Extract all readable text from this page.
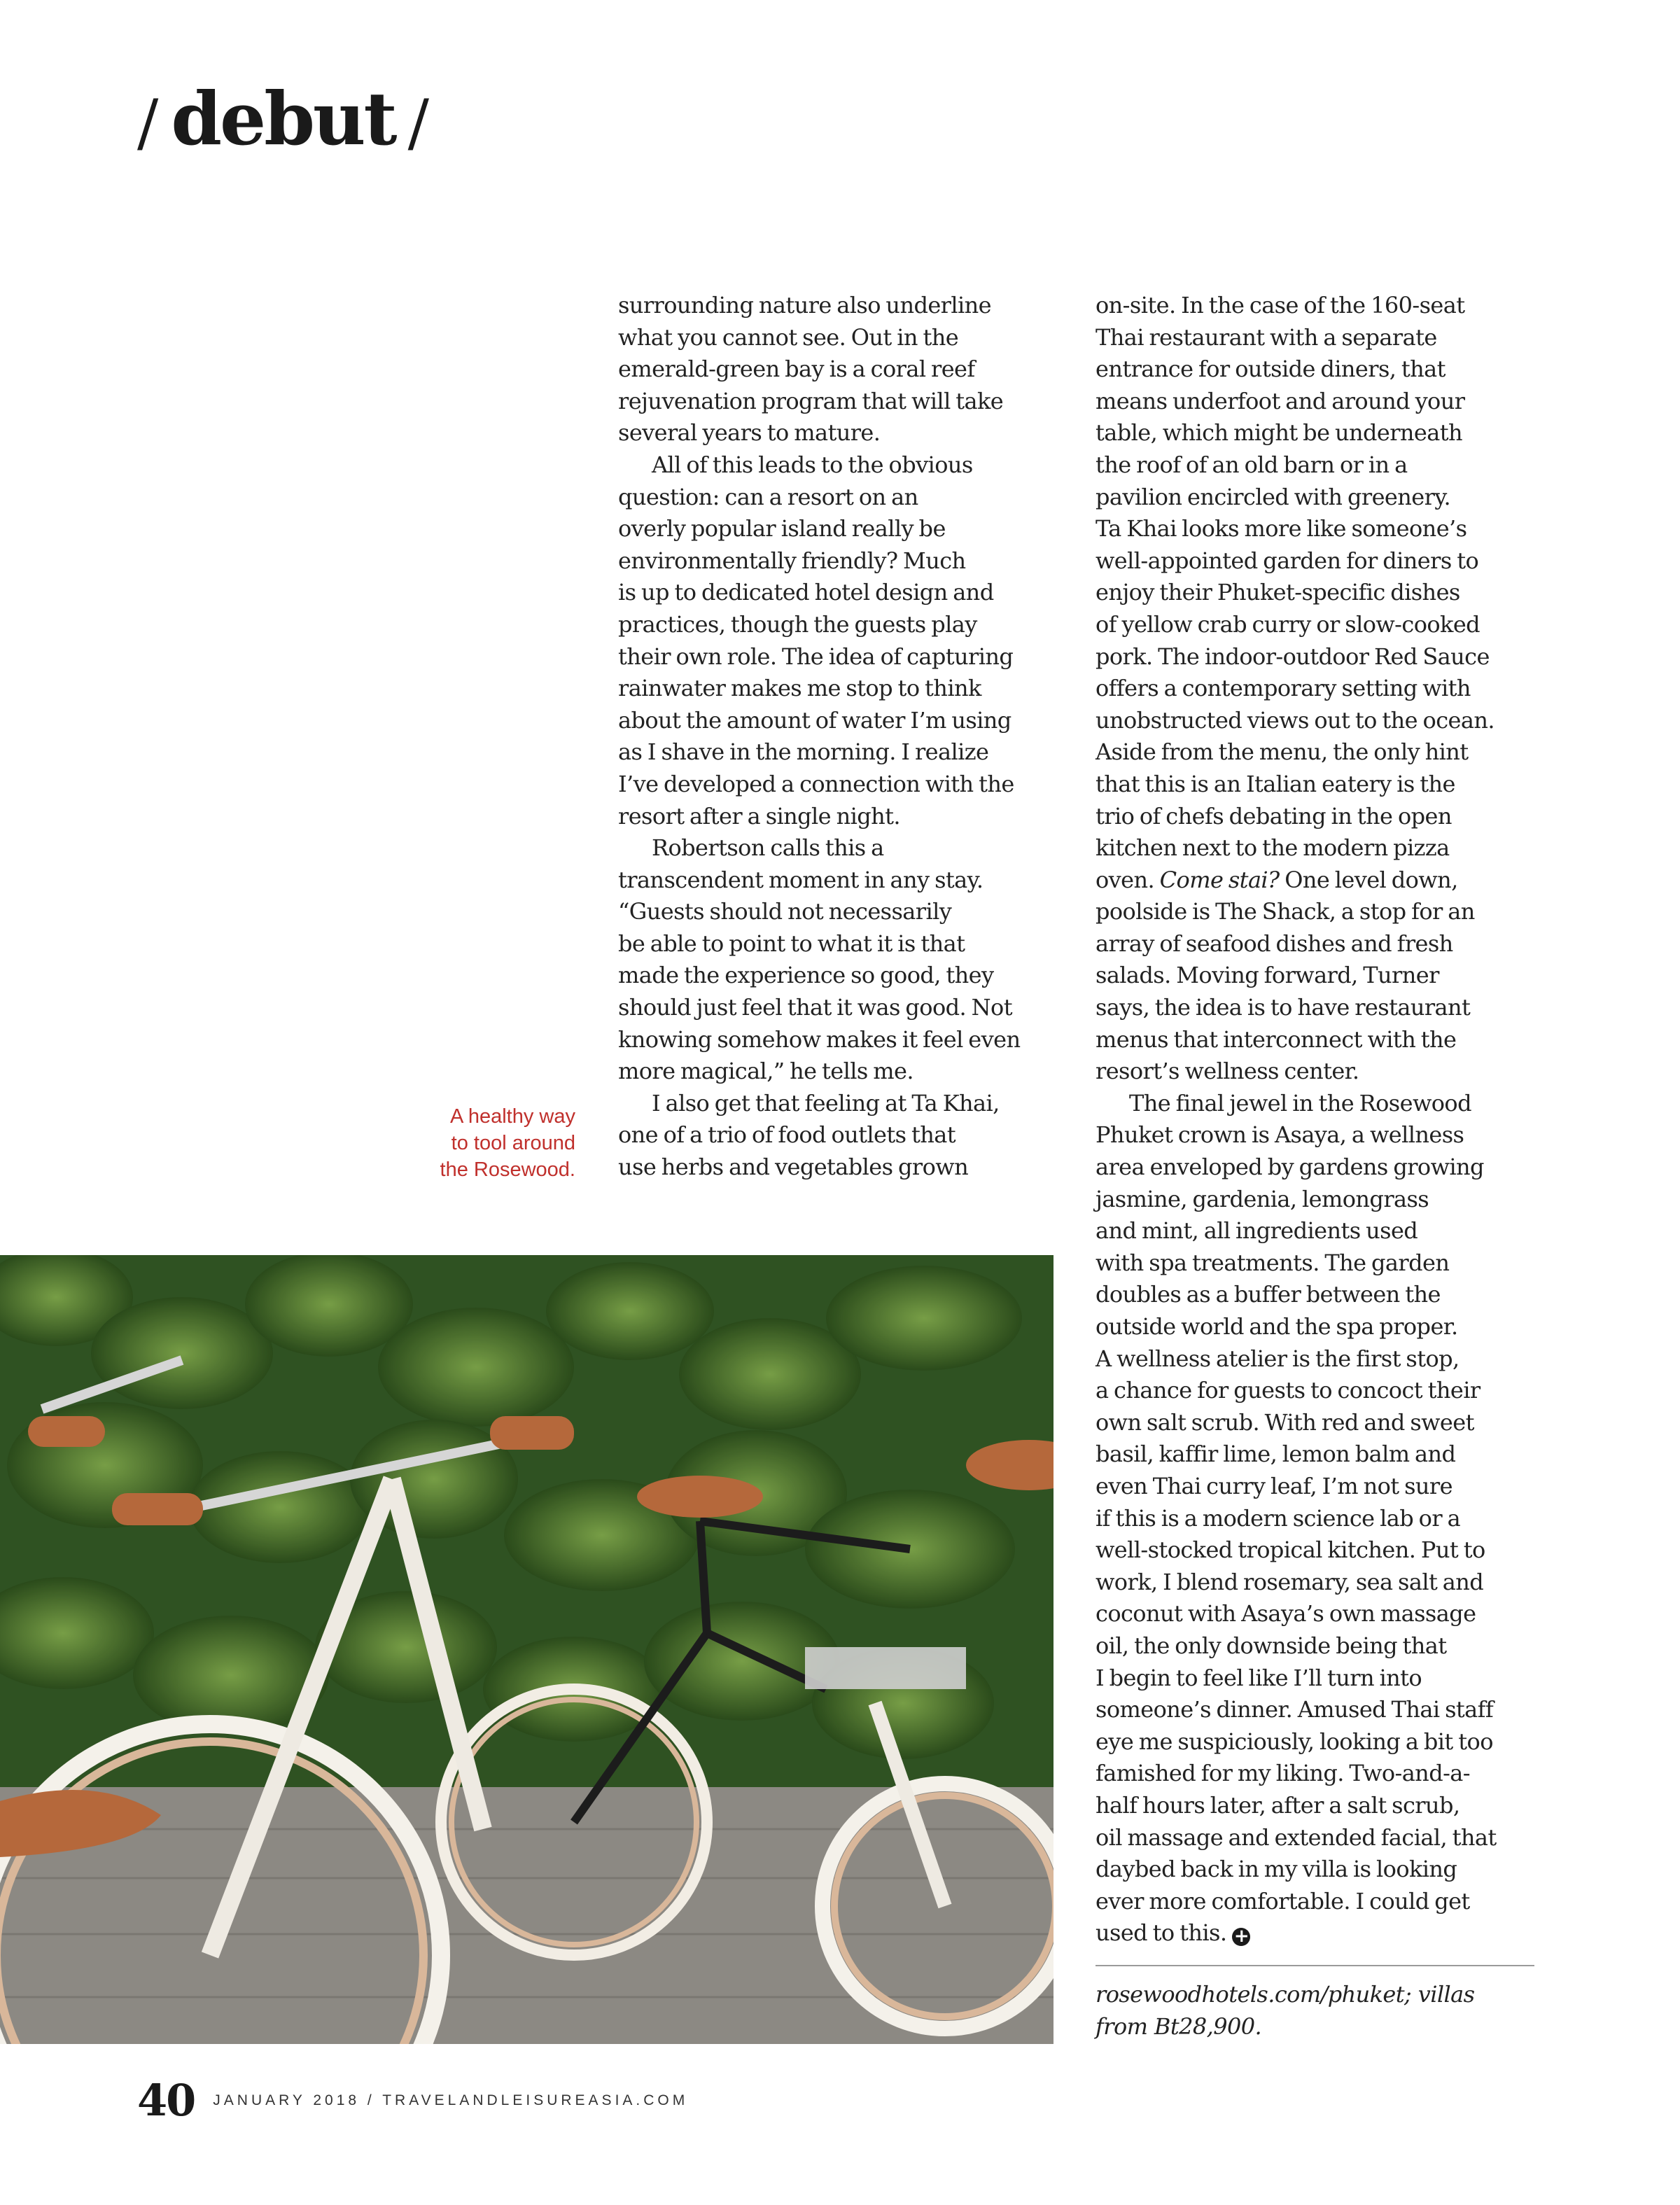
/ debut /

surrounding nature also underline

what you cannot see. Out in the

emerald-green bay is a coral reef

rejuvenation program that will take

several years to mature.

All of this leads to the obvious

question: can a resort on an

overly popular island really be

environmentally friendly? Much

is up to dedicated hotel design and

practices, though the guests play

their own role. The idea of capturing

rainwater makes me stop to think

about the amount of water I’m using

as I shave in the morning. I realize

I’ve developed a connection with the

resort after a single night.

Robertson calls this a

transcendent moment in any stay.

“Guests should not necessarily

be able to point to what it is that

made the experience so good, they

should just feel that it was good. Not

knowing somehow makes it feel even

more magical,” he tells me.

I also get that feeling at Ta Khai,

one of a trio of food outlets that

use herbs and vegetables grown

on-site. In the case of the 160-seat

Thai restaurant with a separate

entrance for outside diners, that

means underfoot and around your

table, which might be underneath

the roof of an old barn or in a

pavilion encircled with greenery.

Ta Khai looks more like someone’s

well-appointed garden for diners to

enjoy their Phuket-specific dishes

of yellow crab curry or slow-cooked

pork. The indoor-outdoor Red Sauce

offers a contemporary setting with

unobstructed views out to the ocean.

Aside from the menu, the only hint

that this is an Italian eatery is the

trio of chefs debating in the open

kitchen next to the modern pizza

oven. Come stai? One level down,

poolside is The Shack, a stop for an

array of seafood dishes and fresh

salads. Moving forward, Turner

says, the idea is to have restaurant

menus that interconnect with the

resort’s wellness center.

The final jewel in the Rosewood

Phuket crown is Asaya, a wellness

area enveloped by gardens growing

jasmine, gardenia, lemongrass

and mint, all ingredients used

with spa treatments. The garden

doubles as a buffer between the

outside world and the spa proper.

A wellness atelier is the first stop,

a chance for guests to concoct their

own salt scrub. With red and sweet

basil, kaffir lime, lemon balm and

even Thai curry leaf, I’m not sure

if this is a modern science lab or a

well-stocked tropical kitchen. Put to

work, I blend rosemary, sea salt and

coconut with Asaya’s own massage

oil, the only downside being that

I begin to feel like I’ll turn into

someone’s dinner. Amused Thai staff

eye me suspiciously, looking a bit too

famished for my liking. Two-and-a-

half hours later, after a salt scrub,

oil massage and extended facial, that

daybed back in my villa is looking

ever more comfortable. I could get

used to this. +

A healthy way
to tool around
the Rosewood.
rosewoodhotels.com/phuket; villas
from Bt28,900.
40 JANUARY 2018 / TRAVELANDLEISUREASIA.COM
